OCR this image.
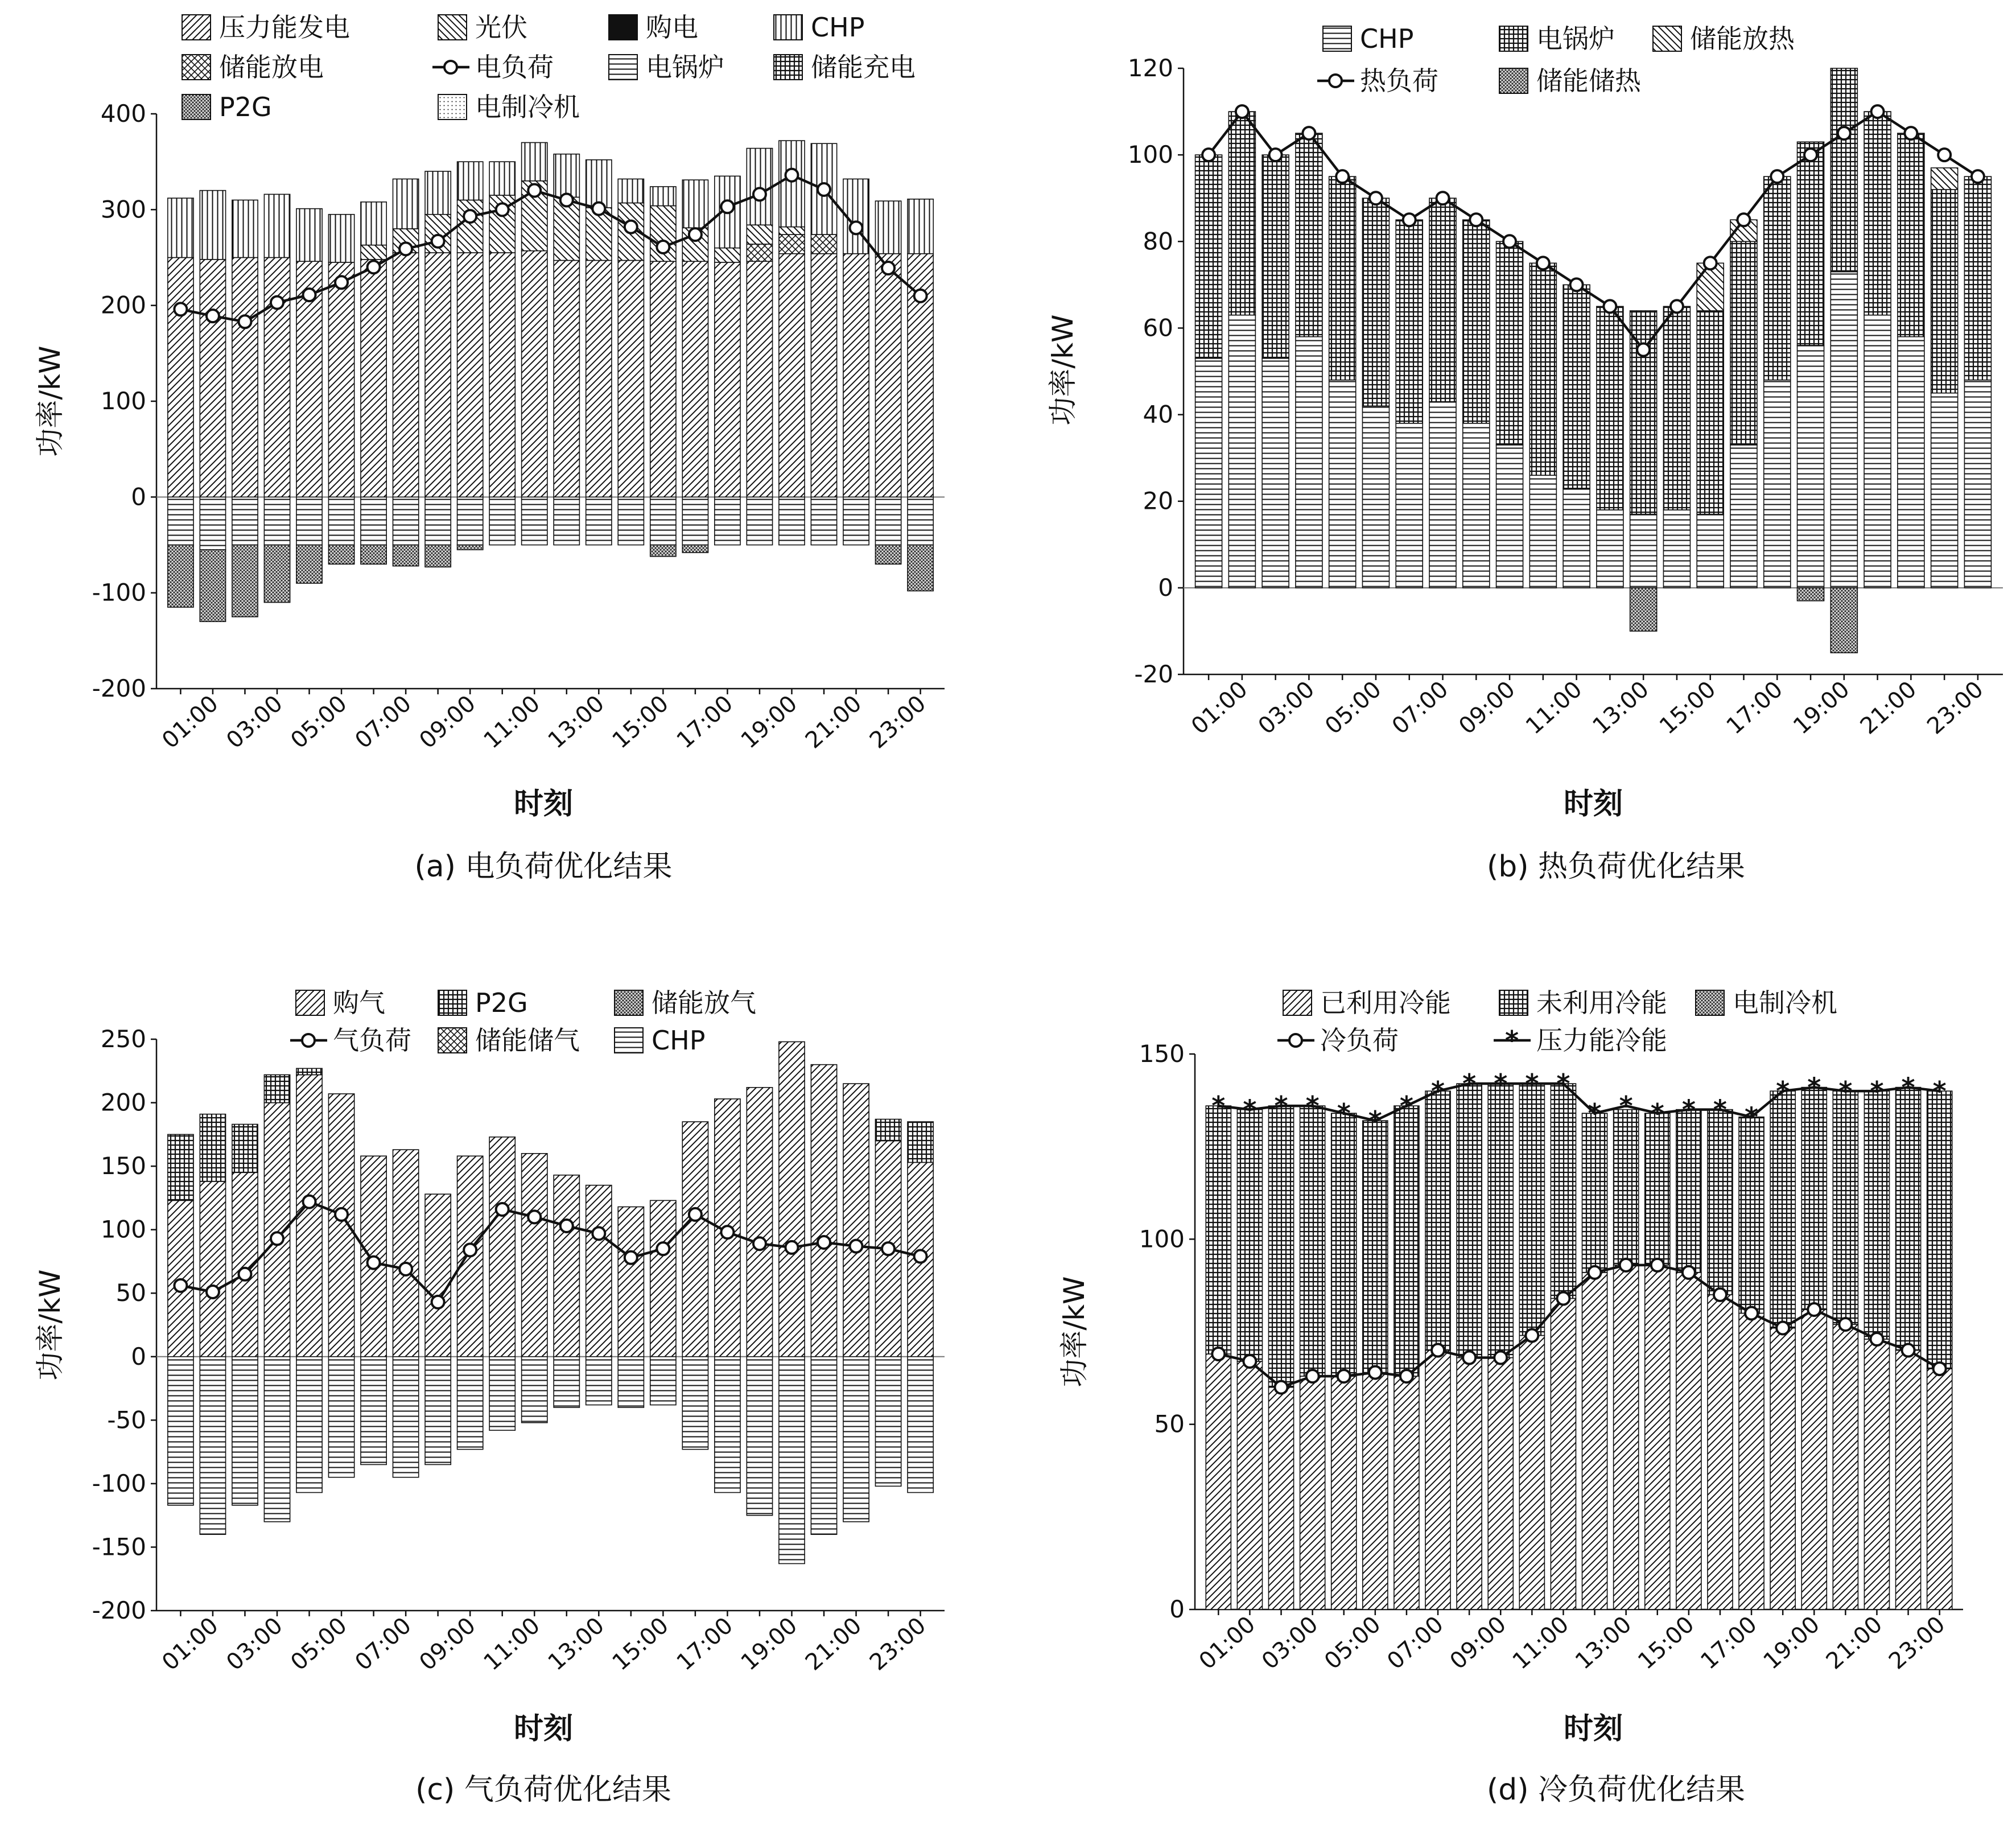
-200
-100
0
100
200
300
400
01:00
03:00
05:00
07:00
09:00
11:00
13:00
15:00
17:00
19:00
21:00
23:00
压力能发电	光伏	购电	CHP
储能放电	电负荷	电锅炉	储能充电
P2G	电制冷机
时刻
功率/kW
(a) 电负荷优化结果
-20
0
20
40
60
80
100
120
01:00 03:00 05:00 07:00 09:00 11:00 13:00 15:00 17:00 19:00 21:00 23:00
CHP	电锅炉	储能放热
热负荷	储能储热
时刻
功率/kW
(b) 热负荷优化结果
-200
-150
-100
-50
0
50
100
150
200
250
01:00
03:00
05:00
07:00
09:00
11:00
13:00
15:00
17:00
19:00
21:00
23:00
购气	P2G	储能放气
气负荷 储能储气	CHP
时刻
功率/kW
(c) 气负荷优化结果
0
50
100
150
01:00
03:00
05:00
07:00
09:00
11:00
13:00
15:00
17:00
19:00
21:00
23:00
* * * * * * * * * * * *
* * * * * *
* * * * * *
已利用冷能	未利用冷能	电制冷机
冷负荷	* 压力能冷能
时刻
功率/kW
(d) 冷负荷优化结果
